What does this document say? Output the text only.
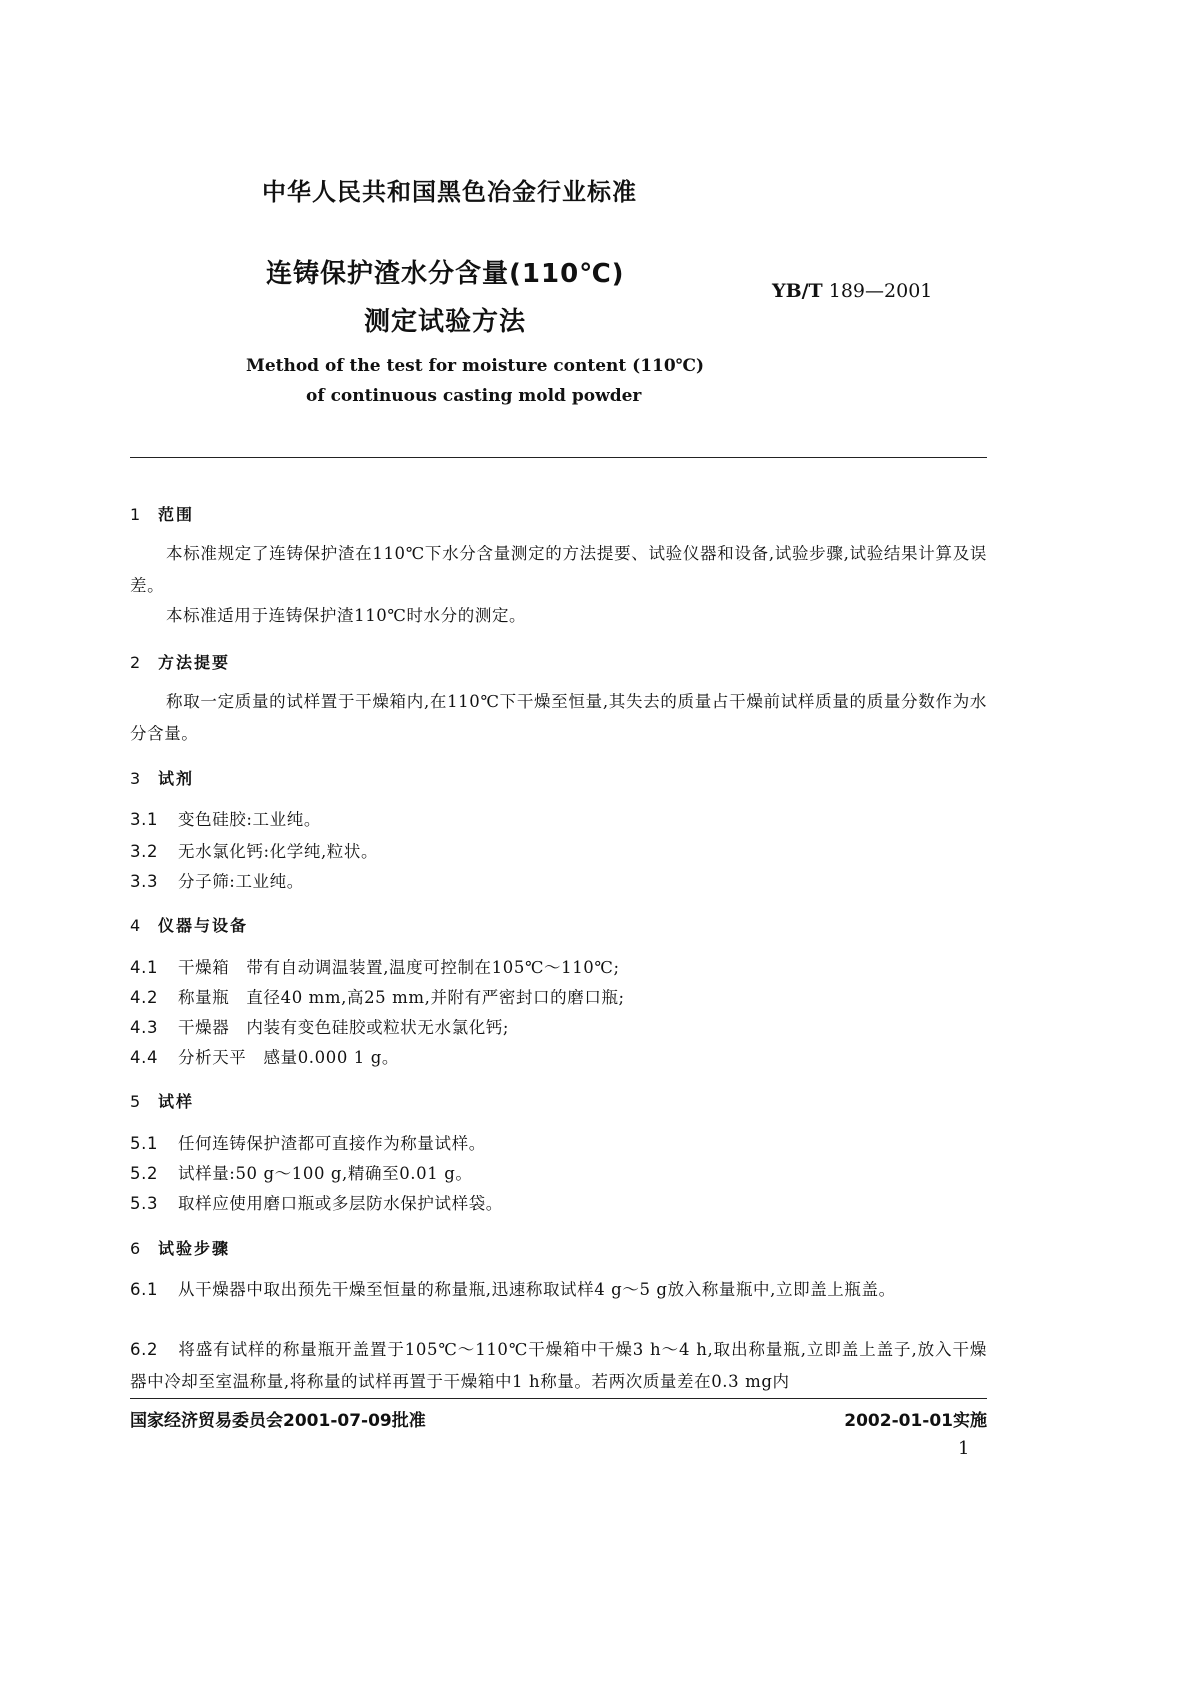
中华人民共和国黑色冶金行业标准
连铸保护渣水分含量(110℃)
测定试验方法
YB/T 189—2001
Method of the test for moisture content (110℃)
of continuous casting mold powder
1 范围
本标准规定了连铸保护渣在110℃下水分含量测定的方法提要、试验仪器和设备,试验步骤,试验结果计算及误差。
本标准适用于连铸保护渣110℃时水分的测定。
2 方法提要
称取一定质量的试样置于干燥箱内,在110℃下干燥至恒量,其失去的质量占干燥前试样质量的质量分数作为水分含量。
3 试剂
3.1 变色硅胶:工业纯。
3.2 无水氯化钙:化学纯,粒状。
3.3 分子筛:工业纯。
4 仪器与设备
4.1 干燥箱　带有自动调温装置,温度可控制在105℃～110℃;
4.2 称量瓶　直径40 mm,高25 mm,并附有严密封口的磨口瓶;
4.3 干燥器　内装有变色硅胶或粒状无水氯化钙;
4.4 分析天平　感量0.000 1 g。
5 试样
5.1 任何连铸保护渣都可直接作为称量试样。
5.2 试样量:50 g～100 g,精确至0.01 g。
5.3 取样应使用磨口瓶或多层防水保护试样袋。
6 试验步骤
6.1 从干燥器中取出预先干燥至恒量的称量瓶,迅速称取试样4 g～5 g放入称量瓶中,立即盖上瓶盖。
6.2 将盛有试样的称量瓶开盖置于105℃～110℃干燥箱中干燥3 h～4 h,取出称量瓶,立即盖上盖子,放入干燥器中冷却至室温称量,将称量的试样再置于干燥箱中1 h称量。若两次质量差在0.3 mg内
国家经济贸易委员会2001-07-09批准	2002-01-01实施
1
